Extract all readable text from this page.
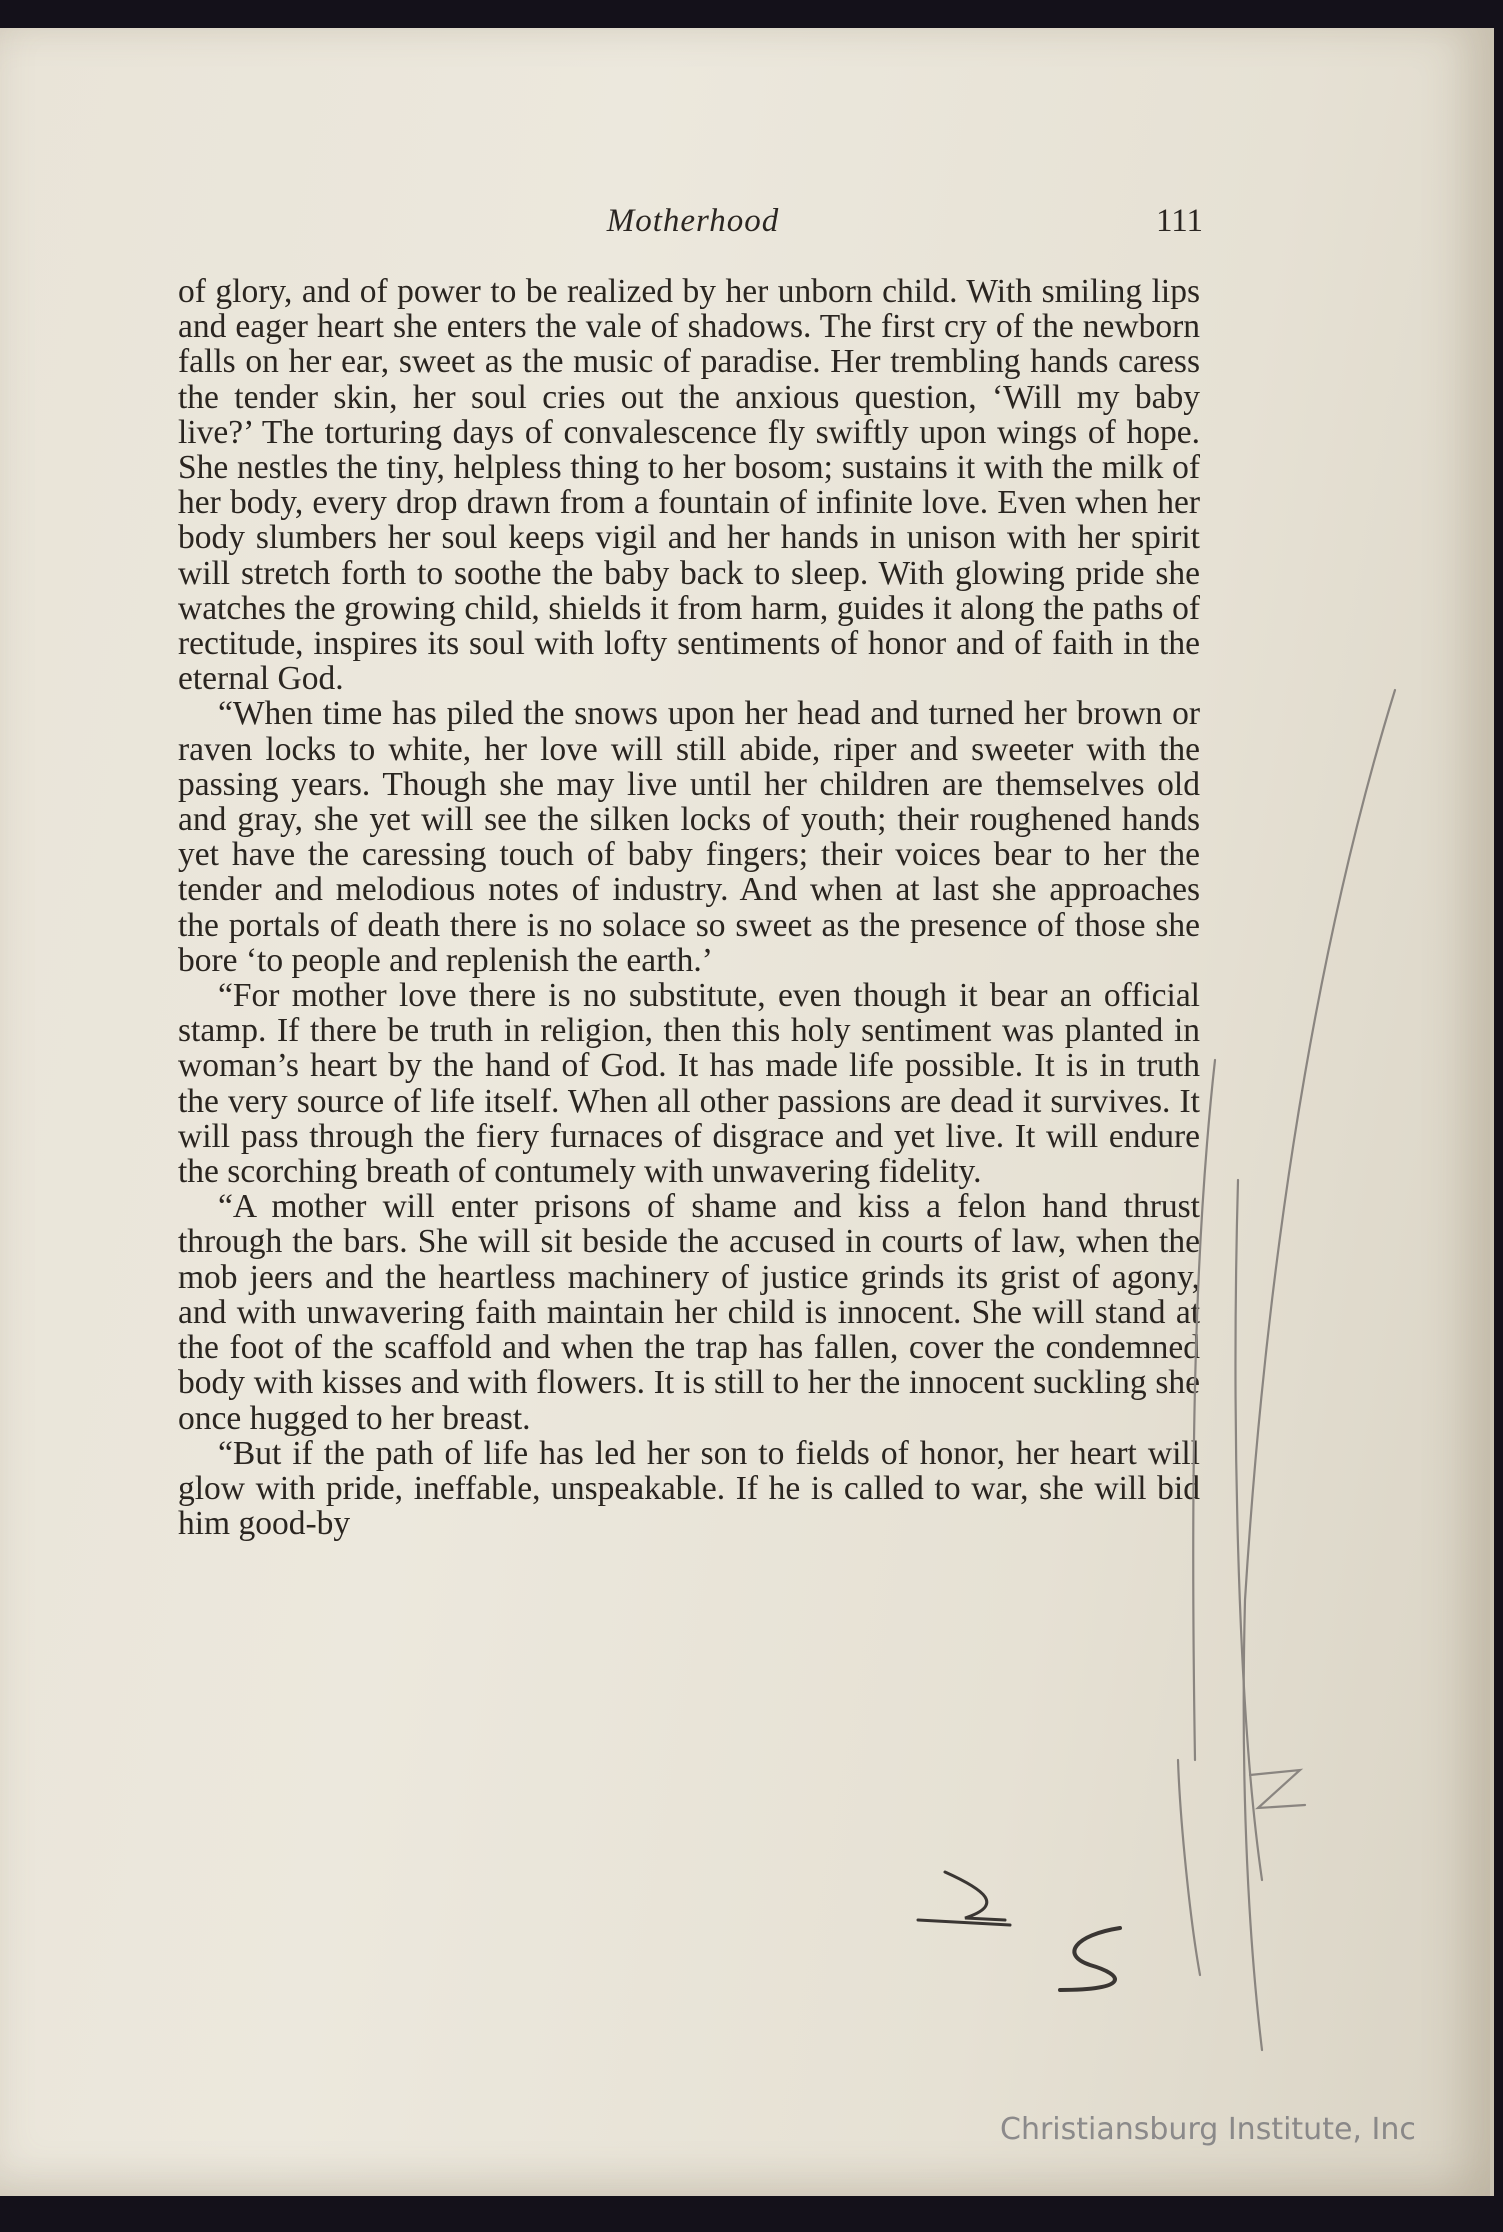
Motherhood	111

of glory, and of power to be realized by her unborn child. With smiling lips and eager heart she enters the vale of shadows. The first cry of the newborn falls on her ear, sweet as the music of paradise. Her trembling hands caress the tender skin, her soul cries out the anxious question, ‘Will my baby live?’ The torturing days of convalescence fly swiftly upon wings of hope. She nestles the tiny, helpless thing to her bosom; sustains it with the milk of her body, every drop drawn from a fountain of infinite love. Even when her body slumbers her soul keeps vigil and her hands in unison with her spirit will stretch forth to soothe the baby back to sleep. With glowing pride she watches the growing child, shields it from harm, guides it along the paths of rectitude, inspires its soul with lofty sentiments of honor and of faith in the eternal God.

“When time has piled the snows upon her head and turned her brown or raven locks to white, her love will still abide, riper and sweeter with the passing years. Though she may live until her children are themselves old and gray, she yet will see the silken locks of youth; their roughened hands yet have the caressing touch of baby fingers; their voices bear to her the tender and melodious notes of industry. And when at last she approaches the portals of death there is no solace so sweet as the presence of those she bore ‘to people and replenish the earth.’

“For mother love there is no substitute, even though it bear an official stamp. If there be truth in religion, then this holy sentiment was planted in woman’s heart by the hand of God. It has made life possible. It is in truth the very source of life itself. When all other passions are dead it survives. It will pass through the fiery furnaces of disgrace and yet live. It will endure the scorching breath of contumely with unwavering fidelity.

“A mother will enter prisons of shame and kiss a felon hand thrust through the bars. She will sit beside the accused in courts of law, when the mob jeers and the heartless machinery of justice grinds its grist of agony, and with unwavering faith maintain her child is innocent. She will stand at the foot of the scaffold and when the trap has fallen, cover the condemned body with kisses and with flowers. It is still to her the innocent suckling she once hugged to her breast.

“But if the path of life has led her son to fields of honor, her heart will glow with pride, ineffable, unspeakable. If he is called to war, she will bid him good-by

Christiansburg Institute, Inc
